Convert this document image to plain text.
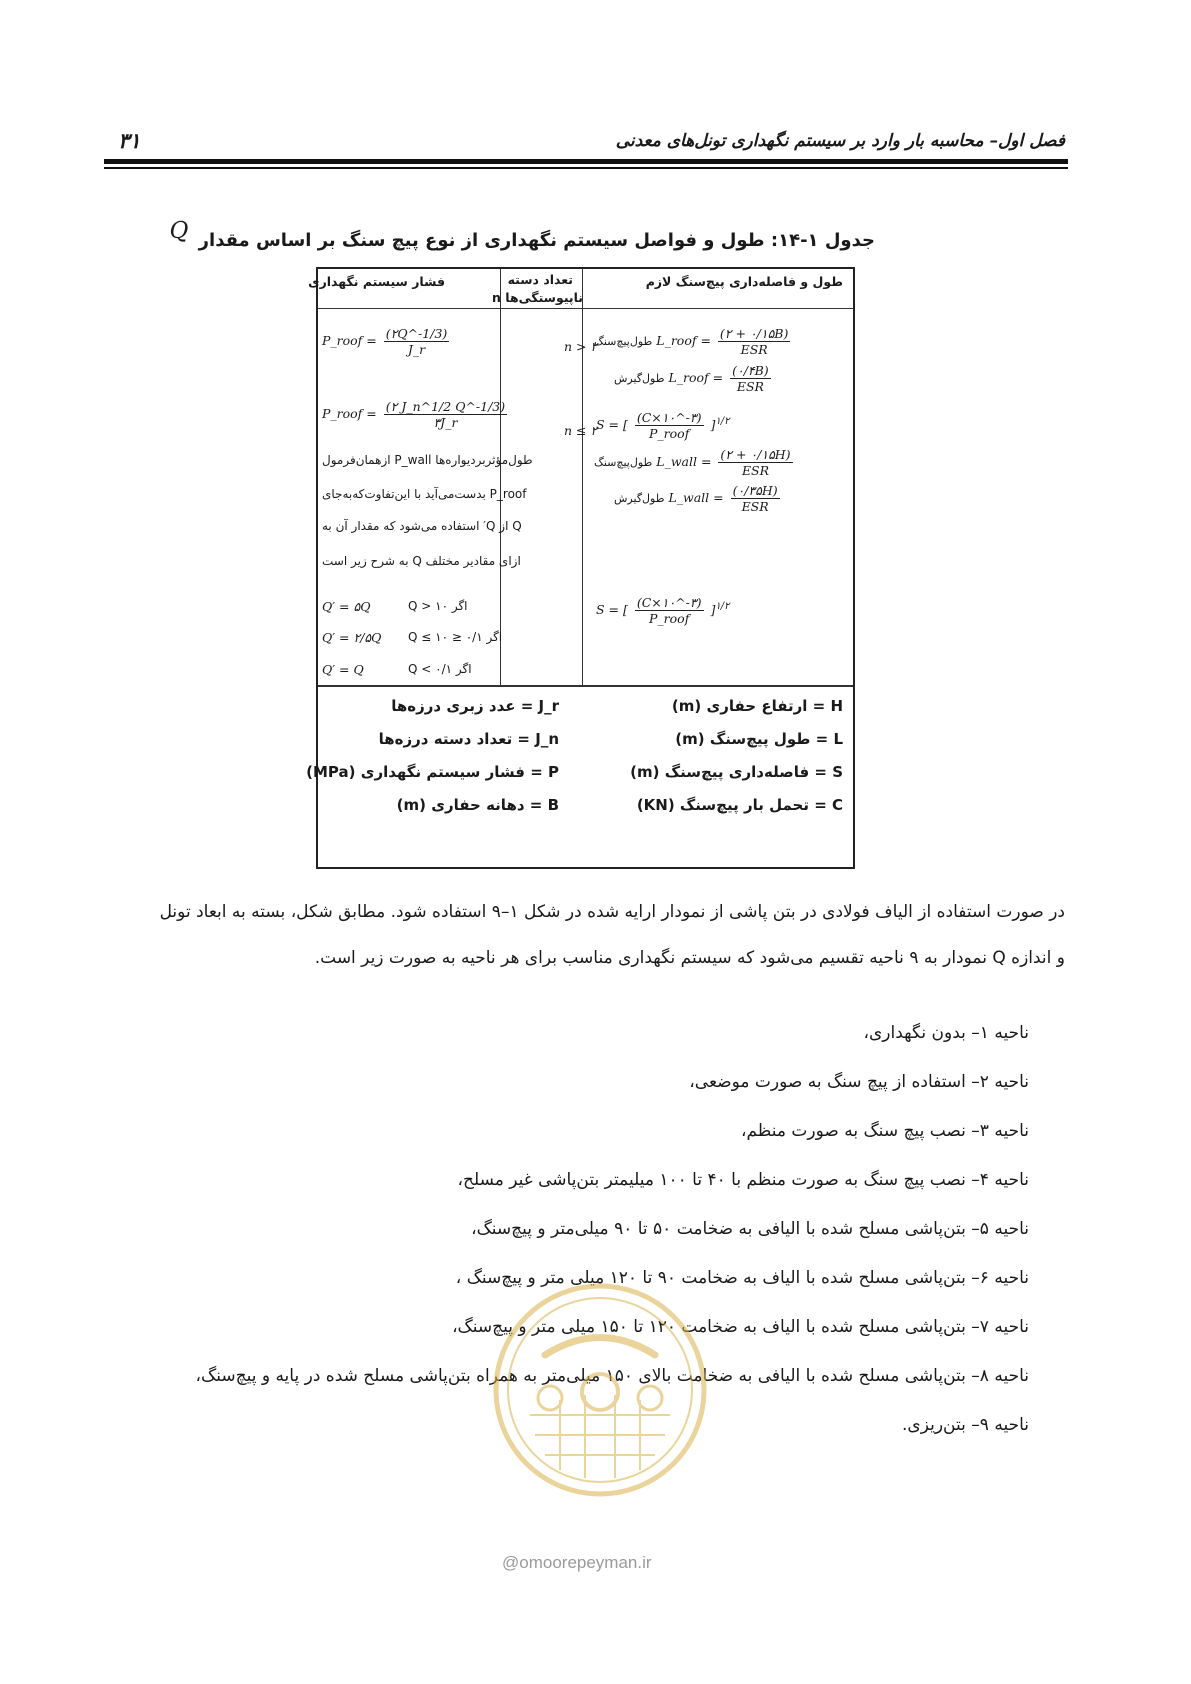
فصل اول– محاسبه بار وارد بر سیستم نگهداری تونل‌های معدنی
۳۱
جدول ۱-۱۴: طول و فواصل سیستم نگهداری از نوع پیچ سنگ بر اساس مقدار Q
طول و فاصله‌داری پیچ‌سنگ لازم
تعداد دسته
ناپیوستگی‌ها n
فشار سیستم نگهداری
P_roof = $\frac{(۲Q\^{}-1/3)}{J\_r}$
P_roof = $\frac{(۲ J\_n\^{}1/2 Q\^{}-1/3)}{۳J\_r}$
طول‌مؤثربردیواره‌ها P_wall ازهمان‌فرمول
P_roof بدست‌می‌آید با این‌تفاوت‌که‌به‌جای
Q از Q′ استفاده می‌شود که مقدار آن به
ازای مقادیر مختلف Q به شرح زیر است
Q′ = ۵Q	اگر Q > ۱۰
Q′ = ۲/۵Q اگر ۰/۱ ≤ Q ≤ ۱۰
Q′ = Q	اگر Q < ۰/۱
n > ۲
n ≤ ۲
طول‌پیچ‌سنگ L_roof = (۲ + ۰/۱۵B)
ESR
طول‌گیرش L_roof = (۰/۴B)
ESR
S = [ (C×۱۰^-۳)
P_roof
]$^{۱/۲}$
طول‌پیچ‌سنگ L_wall = (۲ + ۰/۱۵H)
ESR
طول‌گیرش L_wall = (۰/۳۵H)
ESR
S = [ (C×۱۰^-۳)
P_roof
]$^{۱/۲}$
H = ارتفاع حفاری (m)
L = طول پیچ‌سنگ (m)
S = فاصله‌داری پیچ‌سنگ (m)
C = تحمل بار پیچ‌سنگ (KN)
J_r = عدد زبری درزه‌ها
J_n = تعداد دسته درزه‌ها
P = فشار سیستم نگهداری (MPa)
B = دهانه حفاری (m)
در صورت استفاده از الیاف فولادی در بتن پاشی از نمودار ارایه شده در شکل ۱–۹ استفاده شود. مطابق شکل، بسته به ابعاد تونل
و اندازه Q نمودار به ۹ ناحیه تقسیم می‌شود که سیستم نگهداری مناسب برای هر ناحیه به صورت زیر است.
ناحیه ۱– بدون نگهداری،
ناحیه ۲– استفاده از پیچ سنگ به صورت موضعی،
ناحیه ۳– نصب پیچ سنگ به صورت منظم،
ناحیه ۴– نصب پیچ سنگ به صورت منظم با ۴۰ تا ۱۰۰ میلیمتر بتن‌پاشی غیر مسلح،
ناحیه ۵– بتن‌پاشی مسلح شده با الیافی به ضخامت ۵۰ تا ۹۰ میلی‌متر و پیچ‌سنگ،
ناحیه ۶– بتن‌پاشی مسلح شده با الیاف به ضخامت ۹۰ تا ۱۲۰ میلی متر و پیچ‌سنگ ،
ناحیه ۷– بتن‌پاشی مسلح شده با الیاف به ضخامت ۱۲۰ تا ۱۵۰ میلی متر و پیچ‌سنگ،
ناحیه ۸– بتن‌پاشی مسلح شده با الیافی به ضخامت بالای ۱۵۰ میلی‌متر به همراه بتن‌پاشی مسلح شده در پایه و پیچ‌سنگ،
ناحیه ۹– بتن‌ریزی.
@omoorepeyman.ir
